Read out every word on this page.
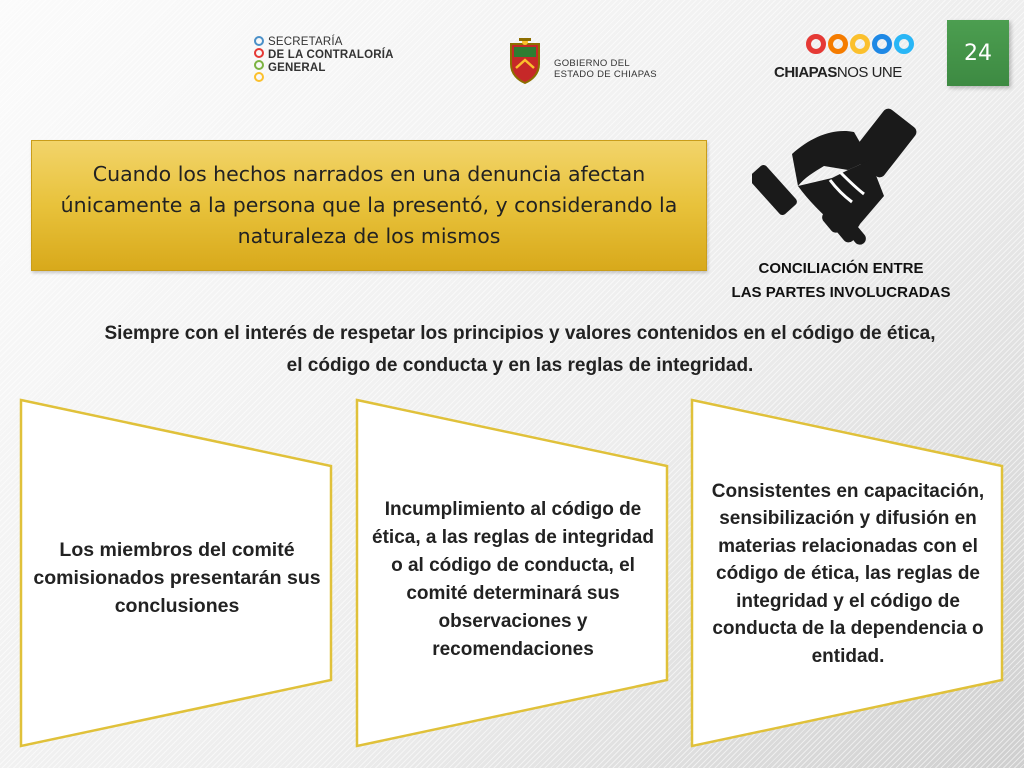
24
SECRETARÍA
DE LA CONTRALORÍA
GENERAL	GOBIERNO DEL
ESTADO DE CHIAPAS	CHIAPASNOS UNE
Cuando los hechos narrados en una denuncia afectan únicamente a la persona que la presentó, y considerando la naturaleza de los mismos
CONCILIACIÓN ENTRE
LAS PARTES INVOLUCRADAS
Siempre con el interés de respetar los principios y valores contenidos en el código de ética,
el código de conducta y en las reglas de integridad.
Los miembros del comité comisionados presentarán sus conclusiones
Incumplimiento al código de ética, a las reglas de integridad o al código de conducta, el comité determinará sus observaciones y recomendaciones
Consistentes en capacitación, sensibilización y difusión en materias relacionadas con el código de ética, las reglas de integridad y el código de conducta de la dependencia o entidad.
